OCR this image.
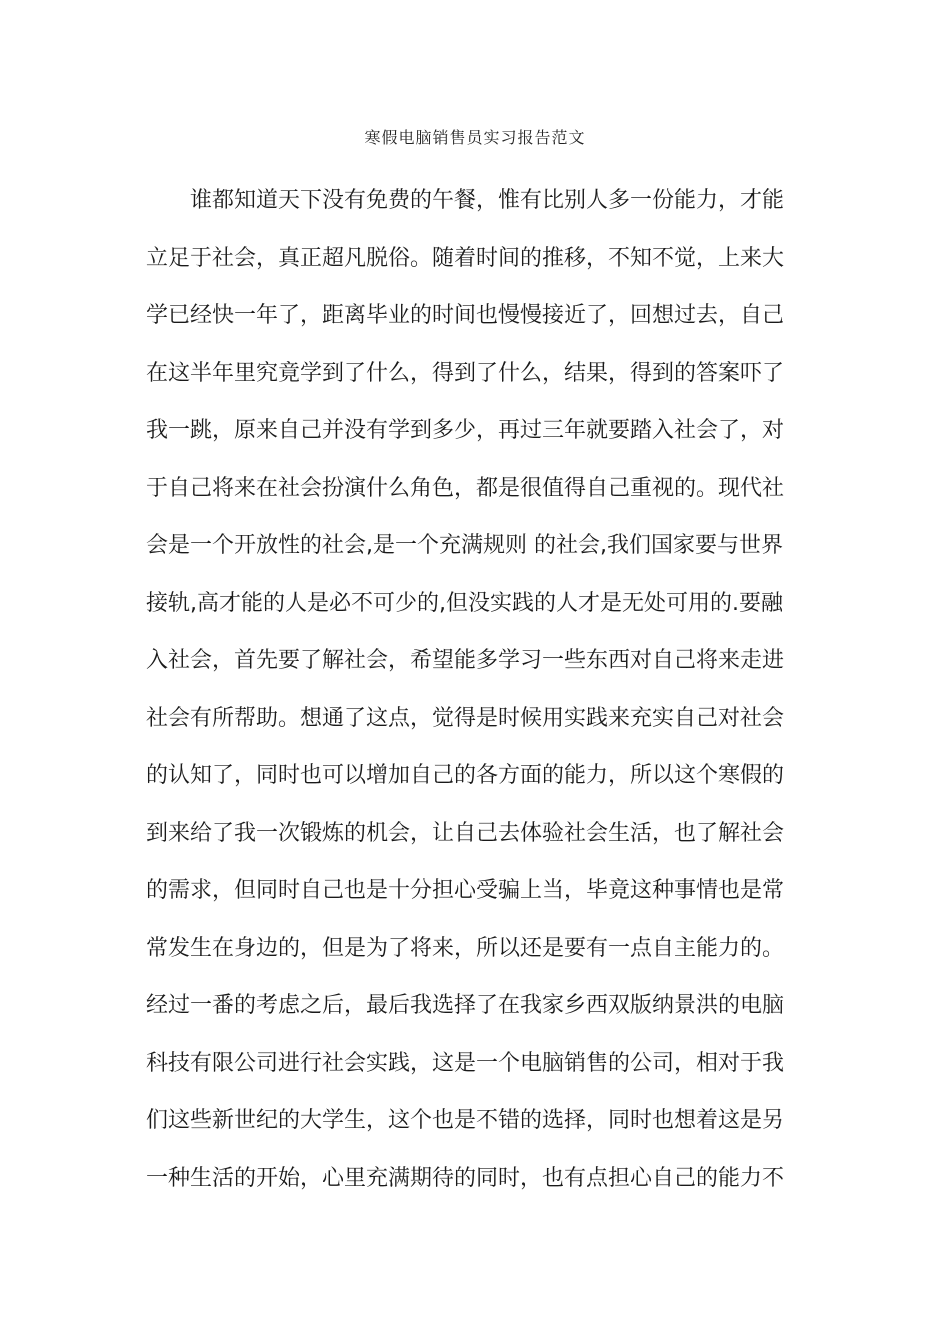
寒假电脑销售员实习报告范文
谁都知道天下没有免费的午餐，惟有比别人多一份能力，才能
立足于社会，真正超凡脱俗。随着时间的推移，不知不觉，上来大
学已经快一年了，距离毕业的时间也慢慢接近了，回想过去，自己
在这半年里究竟学到了什么，得到了什么，结果，得到的答案吓了
我一跳，原来自己并没有学到多少，再过三年就要踏入社会了，对
于自己将来在社会扮演什么角色，都是很值得自己重视的。现代社
会是一个开放性的社会,是一个充满规则 的社会,我们国家要与世界
接轨,高才能的人是必不可少的,但没实践的人才是无处可用的.要融
入社会，首先要了解社会，希望能多学习一些东西对自己将来走进
社会有所帮助。想通了这点，觉得是时候用实践来充实自己对社会
的认知了，同时也可以增加自己的各方面的能力，所以这个寒假的
到来给了我一次锻炼的机会，让自己去体验社会生活，也了解社会
的需求，但同时自己也是十分担心受骗上当，毕竟这种事情也是常
常发生在身边的，但是为了将来，所以还是要有一点自主能力的。
经过一番的考虑之后，最后我选择了在我家乡西双版纳景洪的电脑
科技有限公司进行社会实践，这是一个电脑销售的公司，相对于我
们这些新世纪的大学生，这个也是不错的选择，同时也想着这是另
一种生活的开始，心里充满期待的同时，也有点担心自己的能力不
